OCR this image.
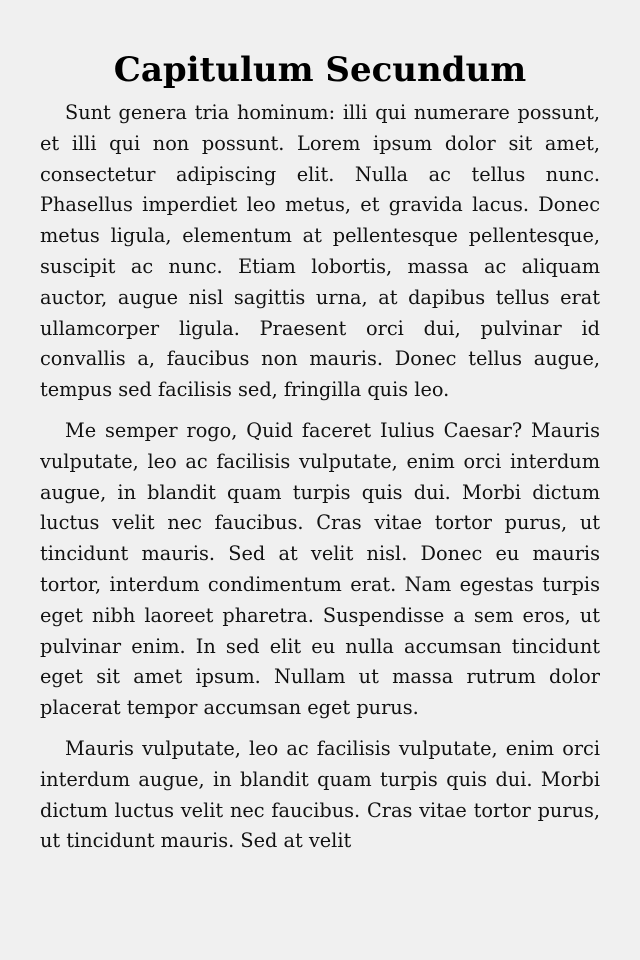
Capitulum Secundum

Sunt genera tria hominum: illi qui numerare possunt, et illi qui non possunt. Lorem ipsum dolor sit amet, consectetur adipiscing elit. Nulla ac tellus nunc. Phasellus imperdiet leo metus, et gravida lacus. Donec metus ligula, elementum at pellentesque pellentesque, suscipit ac nunc. Etiam lobortis, massa ac aliquam auctor, augue nisl sagittis urna, at dapibus tellus erat ullamcorper ligula. Praesent orci dui, pulvinar id convallis a, faucibus non mauris. Donec tellus augue, tempus sed facilisis sed, fringilla quis leo.

Me semper rogo, Quid faceret Iulius Caesar? Mauris vulputate, leo ac facilisis vulputate, enim orci interdum augue, in blandit quam turpis quis dui. Morbi dictum luctus velit nec faucibus. Cras vitae tortor purus, ut tincidunt mauris. Sed at velit nisl. Donec eu mauris tortor, interdum condimentum erat. Nam egestas turpis eget nibh laoreet pharetra. Suspendisse a sem eros, ut pulvinar enim. In sed elit eu nulla accumsan tincidunt eget sit amet ipsum. Nullam ut massa rutrum dolor placerat tempor accumsan eget purus.

Mauris vulputate, leo ac facilisis vulputate, enim orci interdum augue, in blandit quam turpis quis dui. Morbi dictum luctus velit nec faucibus. Cras vitae tortor purus, ut tincidunt mauris. Sed at velit
